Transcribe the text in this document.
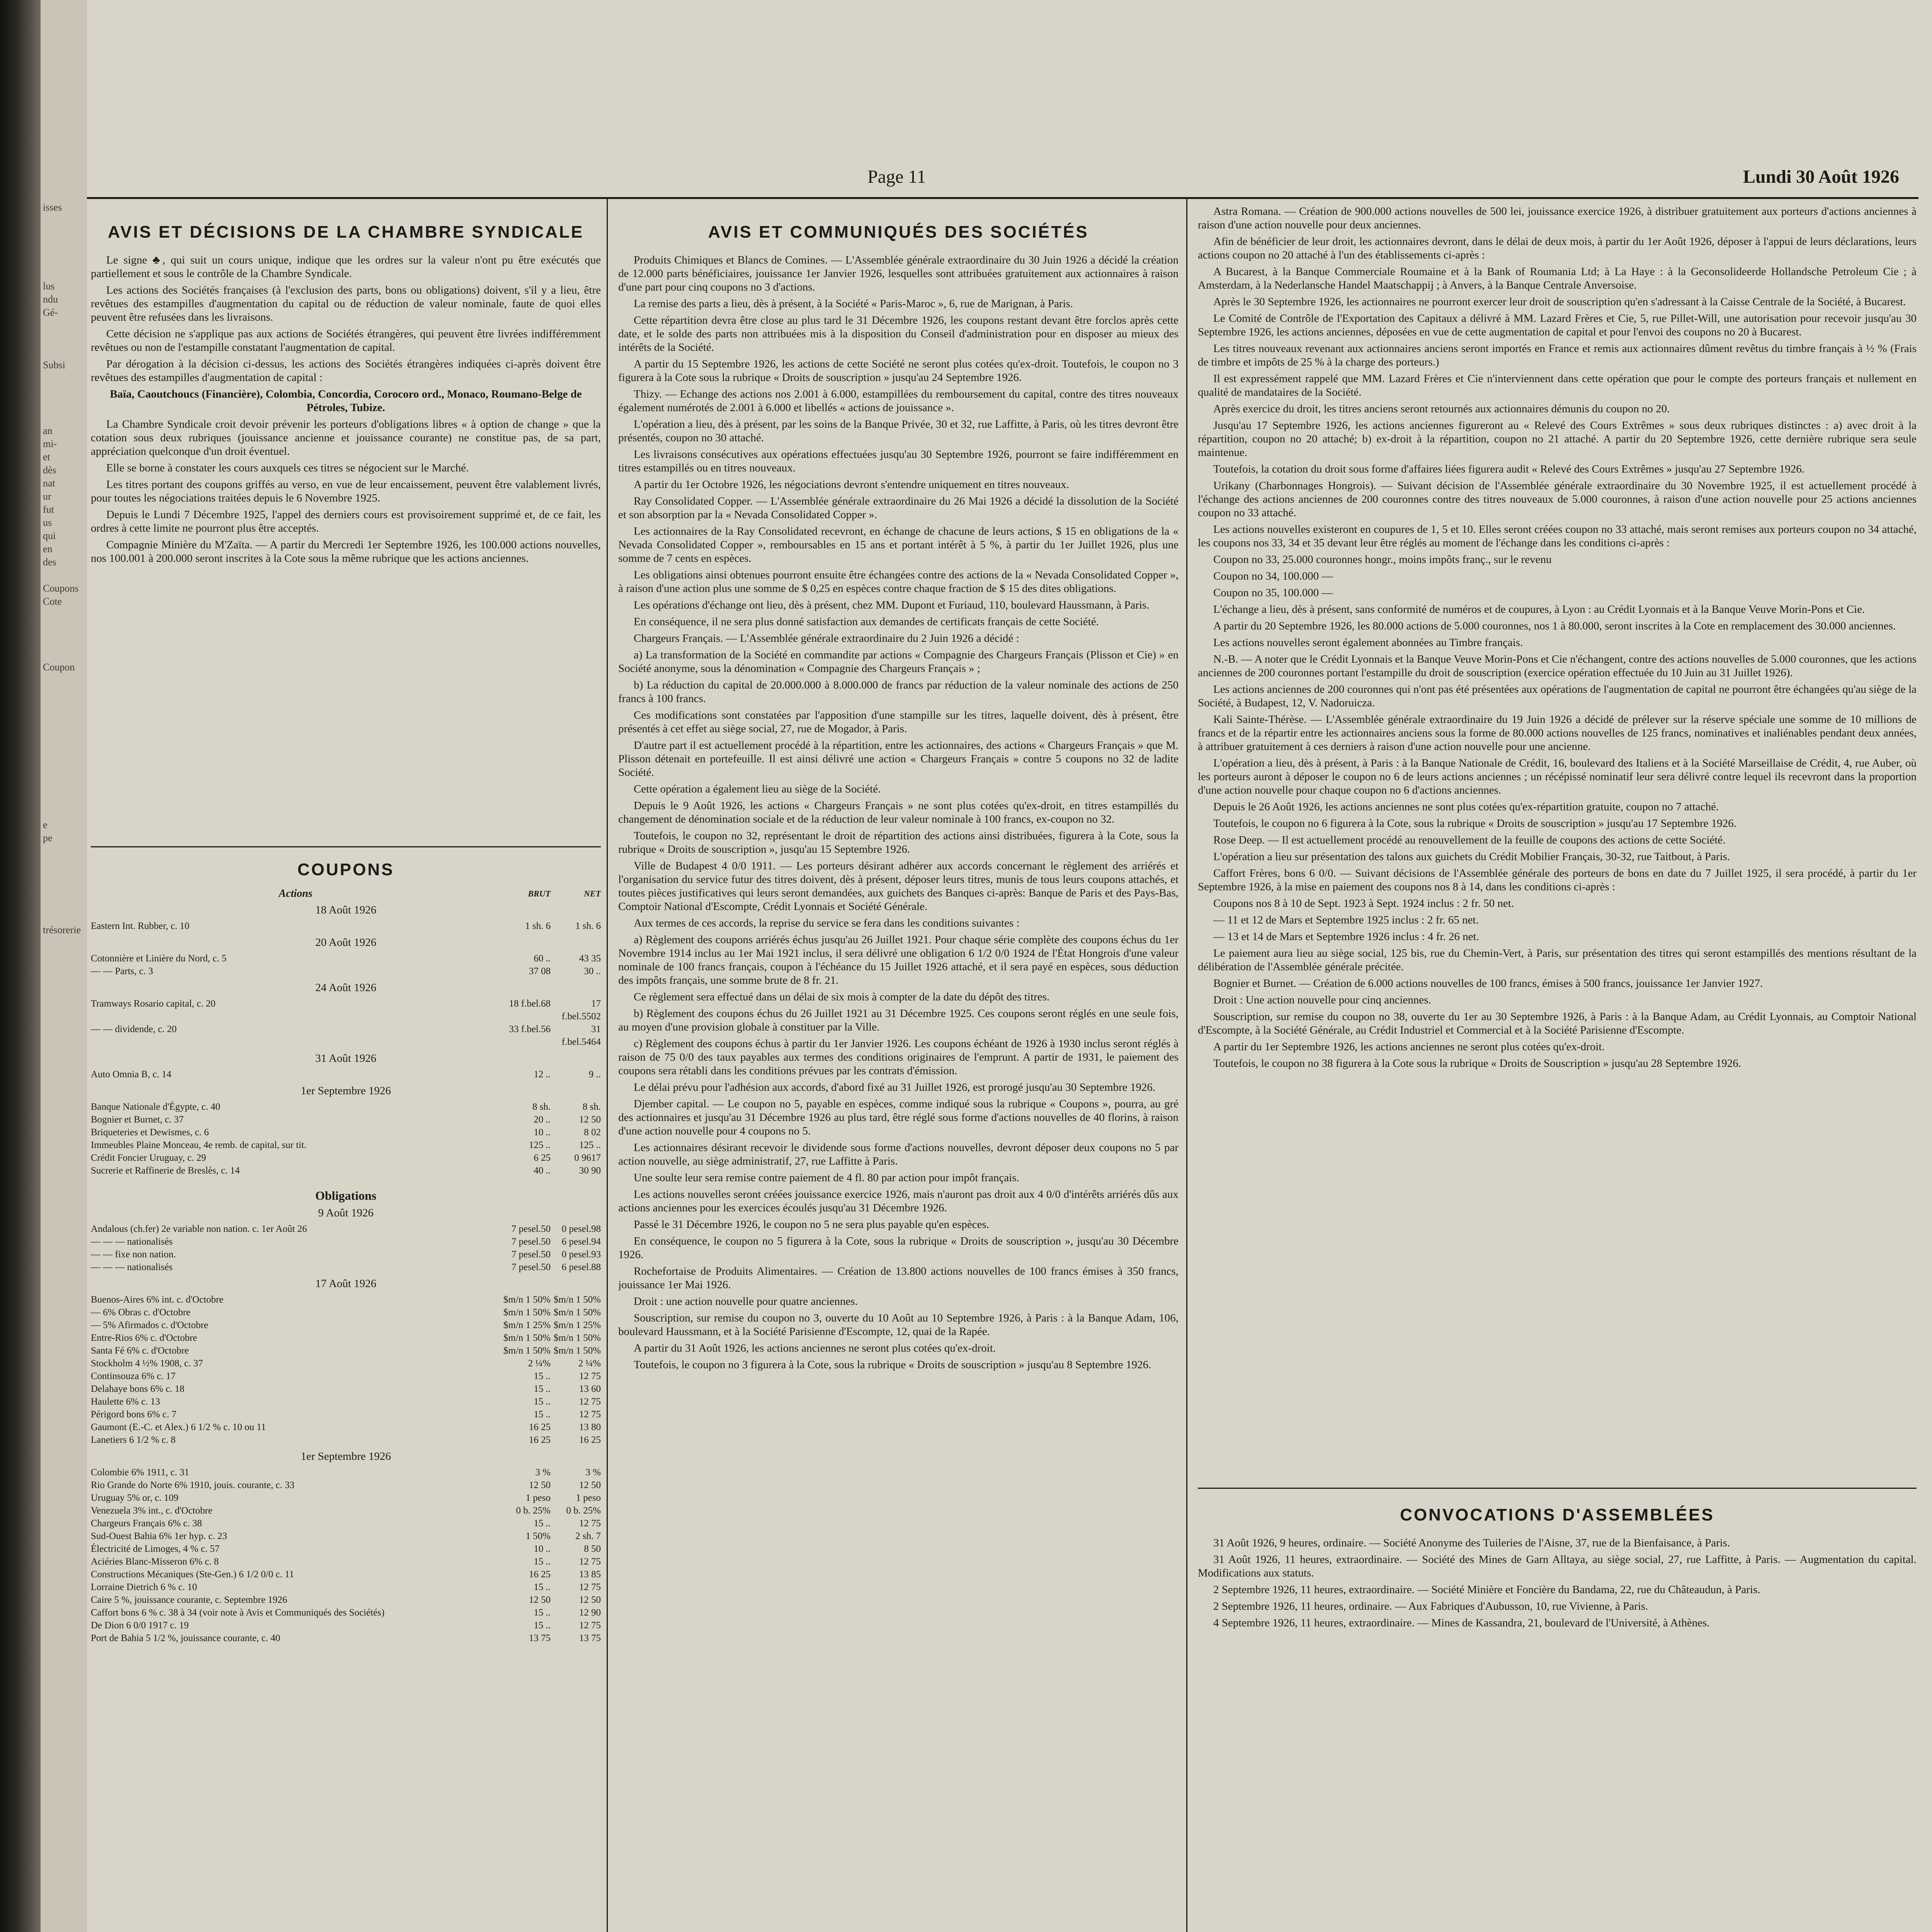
isses

lus
ndu
Gé-

Subsi

an
mi-
et
dès
nat
ur
fut
us
qui
en
des

Coupons
Cote

Coupon

e
pe

trésorerie

Page 11	Lundi 30 Août 1926
AVIS ET DÉCISIONS DE LA CHAMBRE SYNDICALE
Le signe ♣, qui suit un cours unique, indique que les ordres sur la valeur n'ont pu être exécutés que partiellement et sous le contrôle de la Chambre Syndicale.
Les actions des Sociétés françaises (à l'exclusion des parts, bons ou obligations) doivent, s'il y a lieu, être revêtues des estampilles d'augmentation du capital ou de réduction de valeur nominale, faute de quoi elles peuvent être refusées dans les livraisons.
Cette décision ne s'applique pas aux actions de Sociétés étrangères, qui peuvent être livrées indifféremment revêtues ou non de l'estampille constatant l'augmentation de capital.
Par dérogation à la décision ci-dessus, les actions des Sociétés étrangères indiquées ci-après doivent être revêtues des estampilles d'augmentation de capital :
Baïa, Caoutchoucs (Financière), Colombia, Concordia, Corocoro ord., Monaco, Roumano-Belge de Pétroles, Tubize.
La Chambre Syndicale croit devoir prévenir les porteurs d'obligations libres « à option de change » que la cotation sous deux rubriques (jouissance ancienne et jouissance courante) ne constitue pas, de sa part, appréciation quelconque d'un droit éventuel.
Elle se borne à constater les cours auxquels ces titres se négocient sur le Marché.
Les titres portant des coupons griffés au verso, en vue de leur encaissement, peuvent être valablement livrés, pour toutes les négociations traitées depuis le 6 Novembre 1925.
Depuis le Lundi 7 Décembre 1925, l'appel des derniers cours est provisoirement supprimé et, de ce fait, les ordres à cette limite ne pourront plus être acceptés.
Compagnie Minière du M'Zaïta. — A partir du Mercredi 1er Septembre 1926, les 100.000 actions nouvelles, nos 100.001 à 200.000 seront inscrites à la Cote sous la même rubrique que les actions anciennes.
COUPONS
Actions	BRUT	NET
18 Août 1926
Eastern Int. Rubber, c. 10	1 sh. 6	1 sh. 6
20 Août 1926
Cotonnière et Linière du Nord, c. 5	60 ..	43 35
— — Parts, c. 3	37 08	30 ..
24 Août 1926
Tramways Rosario capital, c. 20	18 f.bel.68	17 f.bel.5502
— — dividende, c. 20	33 f.bel.56	31 f.bel.5464
31 Août 1926
Auto Omnia B, c. 14	12 ..	9 ..
1er Septembre 1926
Banque Nationale d'Égypte, c. 40	8 sh.	8 sh.
Bognier et Burnet, c. 37	20 ..	12 50
Briqueteries et Dewismes, c. 6	10 ..	8 02
Immeubles Plaine Monceau, 4e remb. de capital, sur tit.	125 ..	125 ..
Crédit Foncier Uruguay, c. 29	6 25	0 9617
Sucrerie et Raffinerie de Breslès, c. 14	40 ..	30 90
Obligations
9 Août 1926
Andalous (ch.fer) 2e variable non nation. c. 1er Août 26	7 pesel.50	0 pesel.98
— — — nationalisés	7 pesel.50	6 pesel.94
— — fixe non nation.	7 pesel.50	0 pesel.93
— — — nationalisés	7 pesel.50	6 pesel.88
17 Août 1926
Buenos-Aires 6% int. c. d'Octobre	$m/n 1 50% $m/n 1 50%
— 6% Obras c. d'Octobre	$m/n 1 50% $m/n 1 50%
— 5% Afirmados c. d'Octobre	$m/n 1 25% $m/n 1 25%
Entre-Rios 6% c. d'Octobre	$m/n 1 50% $m/n 1 50%
Santa Fé 6% c. d'Octobre	$m/n 1 50% $m/n 1 50%
Stockholm 4 ½% 1908, c. 37	2 ¼%	2 ¼%
Continsouza 6% c. 17	15 ..	12 75
Delahaye bons 6% c. 18	15 ..	13 60
Haulette 6% c. 13	15 ..	12 75
Périgord bons 6% c. 7	15 ..	12 75
Gaumont (E.-C. et Alex.) 6 1/2 % c. 10 ou 11	16 25	13 80
Lanetiers 6 1/2 % c. 8	16 25	16 25
1er Septembre 1926
Colombie 6% 1911, c. 31	3 %	3 %
Rio Grande do Norte 6% 1910, jouis. courante, c. 33	12 50	12 50
Uruguay 5% or, c. 109	1 peso	1 peso
Venezuela 3% int., c. d'Octobre	0 b. 25%	0 b. 25%
Chargeurs Français 6% c. 38	15 ..	12 75
Sud-Ouest Bahia 6% 1er hyp. c. 23	1 50%	2 sh. 7
Électricité de Limoges, 4 % c. 57	10 ..	8 50
Aciéries Blanc-Misseron 6% c. 8	15 ..	12 75
Constructions Mécaniques (Ste-Gen.) 6 1/2 0/0 c. 11	16 25	13 85
Lorraine Dietrich 6 % c. 10	15 ..	12 75
Caire 5 %, jouissance courante, c. Septembre 1926	12 50	12 50
Caffort bons 6 % c. 38 à 34 (voir note à Avis et Communiqués des Sociétés)	15 ..	12 90
De Dion 6 0/0 1917 c. 19	15 ..	12 75
Port de Bahia 5 1/2 %, jouissance courante, c. 40	13 75	13 75
AVIS ET COMMUNIQUÉS DES SOCIÉTÉS
Produits Chimiques et Blancs de Comines. — L'Assemblée générale extraordinaire du 30 Juin 1926 a décidé la création de 12.000 parts bénéficiaires, jouissance 1er Janvier 1926, lesquelles sont attribuées gratuitement aux actionnaires à raison d'une part pour cinq coupons no 3 d'actions.
La remise des parts a lieu, dès à présent, à la Société « Paris-Maroc », 6, rue de Marignan, à Paris.
Cette répartition devra être close au plus tard le 31 Décembre 1926, les coupons restant devant être forclos après cette date, et le solde des parts non attribuées mis à la disposition du Conseil d'administration pour en disposer au mieux des intérêts de la Société.
A partir du 15 Septembre 1926, les actions de cette Société ne seront plus cotées qu'ex-droit. Toutefois, le coupon no 3 figurera à la Cote sous la rubrique « Droits de souscription » jusqu'au 24 Septembre 1926.
Thizy. — Echange des actions nos 2.001 à 6.000, estampillées du remboursement du capital, contre des titres nouveaux également numérotés de 2.001 à 6.000 et libellés « actions de jouissance ».
L'opération a lieu, dès à présent, par les soins de la Banque Privée, 30 et 32, rue Laffitte, à Paris, où les titres devront être présentés, coupon no 30 attaché.
Les livraisons consécutives aux opérations effectuées jusqu'au 30 Septembre 1926, pourront se faire indifféremment en titres estampillés ou en titres nouveaux.
A partir du 1er Octobre 1926, les négociations devront s'entendre uniquement en titres nouveaux.
Ray Consolidated Copper. — L'Assemblée générale extraordinaire du 26 Mai 1926 a décidé la dissolution de la Société et son absorption par la « Nevada Consolidated Copper ».
Les actionnaires de la Ray Consolidated recevront, en échange de chacune de leurs actions, $ 15 en obligations de la « Nevada Consolidated Copper », remboursables en 15 ans et portant intérêt à 5 %, à partir du 1er Juillet 1926, plus une somme de 7 cents en espèces.
Les obligations ainsi obtenues pourront ensuite être échangées contre des actions de la « Nevada Consolidated Copper », à raison d'une action plus une somme de $ 0,25 en espèces contre chaque fraction de $ 15 des dites obligations.
Les opérations d'échange ont lieu, dès à présent, chez MM. Dupont et Furiaud, 110, boulevard Haussmann, à Paris.
En conséquence, il ne sera plus donné satisfaction aux demandes de certificats français de cette Société.
Chargeurs Français. — L'Assemblée générale extraordinaire du 2 Juin 1926 a décidé :
a) La transformation de la Société en commandite par actions « Compagnie des Chargeurs Français (Plisson et Cie) » en Société anonyme, sous la dénomination « Compagnie des Chargeurs Français » ;
b) La réduction du capital de 20.000.000 à 8.000.000 de francs par réduction de la valeur nominale des actions de 250 francs à 100 francs.
Ces modifications sont constatées par l'apposition d'une stampille sur les titres, laquelle doivent, dès à présent, être présentés à cet effet au siège social, 27, rue de Mogador, à Paris.
D'autre part il est actuellement procédé à la répartition, entre les actionnaires, des actions « Chargeurs Français » que M. Plisson détenait en portefeuille. Il est ainsi délivré une action « Chargeurs Français » contre 5 coupons no 32 de ladite Société.
Cette opération a également lieu au siège de la Société.
Depuis le 9 Août 1926, les actions « Chargeurs Français » ne sont plus cotées qu'ex-droit, en titres estampillés du changement de dénomination sociale et de la réduction de leur valeur nominale à 100 francs, ex-coupon no 32.
Toutefois, le coupon no 32, représentant le droit de répartition des actions ainsi distribuées, figurera à la Cote, sous la rubrique « Droits de souscription », jusqu'au 15 Septembre 1926.
Ville de Budapest 4 0/0 1911. — Les porteurs désirant adhérer aux accords concernant le règlement des arriérés et l'organisation du service futur des titres doivent, dès à présent, déposer leurs titres, munis de tous leurs coupons attachés, et toutes pièces justificatives qui leurs seront demandées, aux guichets des Banques ci-après: Banque de Paris et des Pays-Bas, Comptoir National d'Escompte, Crédit Lyonnais et Société Générale.
Aux termes de ces accords, la reprise du service se fera dans les conditions suivantes :
a) Règlement des coupons arriérés échus jusqu'au 26 Juillet 1921. Pour chaque série complète des coupons échus du 1er Novembre 1914 inclus au 1er Mai 1921 inclus, il sera délivré une obligation 6 1/2 0/0 1924 de l'État Hongrois d'une valeur nominale de 100 francs français, coupon à l'échéance du 15 Juillet 1926 attaché, et il sera payé en espèces, sous déduction des impôts français, une somme brute de 8 fr. 21.
Ce règlement sera effectué dans un délai de six mois à compter de la date du dépôt des titres.
b) Règlement des coupons échus du 26 Juillet 1921 au 31 Décembre 1925. Ces coupons seront réglés en une seule fois, au moyen d'une provision globale à constituer par la Ville.
c) Règlement des coupons échus à partir du 1er Janvier 1926. Les coupons échéant de 1926 à 1930 inclus seront réglés à raison de 75 0/0 des taux payables aux termes des conditions originaires de l'emprunt. A partir de 1931, le paiement des coupons sera rétabli dans les conditions prévues par les contrats d'émission.
Le délai prévu pour l'adhésion aux accords, d'abord fixé au 31 Juillet 1926, est prorogé jusqu'au 30 Septembre 1926.
Djember capital. — Le coupon no 5, payable en espèces, comme indiqué sous la rubrique « Coupons », pourra, au gré des actionnaires et jusqu'au 31 Décembre 1926 au plus tard, être réglé sous forme d'actions nouvelles de 40 florins, à raison d'une action nouvelle pour 4 coupons no 5.
Les actionnaires désirant recevoir le dividende sous forme d'actions nouvelles, devront déposer deux coupons no 5 par action nouvelle, au siège administratif, 27, rue Laffitte à Paris.
Une soulte leur sera remise contre paiement de 4 fl. 80 par action pour impôt français.
Les actions nouvelles seront créées jouissance exercice 1926, mais n'auront pas droit aux 4 0/0 d'intérêts arriérés dûs aux actions anciennes pour les exercices écoulés jusqu'au 31 Décembre 1926.
Passé le 31 Décembre 1926, le coupon no 5 ne sera plus payable qu'en espèces.
En conséquence, le coupon no 5 figurera à la Cote, sous la rubrique « Droits de souscription », jusqu'au 30 Décembre 1926.
Rochefortaise de Produits Alimentaires. — Création de 13.800 actions nouvelles de 100 francs émises à 350 francs, jouissance 1er Mai 1926.
Droit : une action nouvelle pour quatre anciennes.
Souscription, sur remise du coupon no 3, ouverte du 10 Août au 10 Septembre 1926, à Paris : à la Banque Adam, 106, boulevard Haussmann, et à la Société Parisienne d'Escompte, 12, quai de la Rapée.
A partir du 31 Août 1926, les actions anciennes ne seront plus cotées qu'ex-droit.
Toutefois, le coupon no 3 figurera à la Cote, sous la rubrique « Droits de souscription » jusqu'au 8 Septembre 1926.
Astra Romana. — Création de 900.000 actions nouvelles de 500 lei, jouissance exercice 1926, à distribuer gratuitement aux porteurs d'actions anciennes à raison d'une action nouvelle pour deux anciennes.
Afin de bénéficier de leur droit, les actionnaires devront, dans le délai de deux mois, à partir du 1er Août 1926, déposer à l'appui de leurs déclarations, leurs actions coupon no 20 attaché à l'un des établissements ci-après :
A Bucarest, à la Banque Commerciale Roumaine et à la Bank of Roumania Ltd; à La Haye : à la Geconsolideerde Hollandsche Petroleum Cie ; à Amsterdam, à la Nederlansche Handel Maatschappij ; à Anvers, à la Banque Centrale Anversoise.
Après le 30 Septembre 1926, les actionnaires ne pourront exercer leur droit de souscription qu'en s'adressant à la Caisse Centrale de la Société, à Bucarest.
Le Comité de Contrôle de l'Exportation des Capitaux a délivré à MM. Lazard Frères et Cie, 5, rue Pillet-Will, une autorisation pour recevoir jusqu'au 30 Septembre 1926, les actions anciennes, déposées en vue de cette augmentation de capital et pour l'envoi des coupons no 20 à Bucarest.
Les titres nouveaux revenant aux actionnaires anciens seront importés en France et remis aux actionnaires dûment revêtus du timbre français à ½ % (Frais de timbre et impôts de 25 % à la charge des porteurs.)
Il est expressément rappelé que MM. Lazard Frères et Cie n'interviennent dans cette opération que pour le compte des porteurs français et nullement en qualité de mandataires de la Société.
Après exercice du droit, les titres anciens seront retournés aux actionnaires démunis du coupon no 20.
Jusqu'au 17 Septembre 1926, les actions anciennes figureront au « Relevé des Cours Extrêmes » sous deux rubriques distinctes : a) avec droit à la répartition, coupon no 20 attaché; b) ex-droit à la répartition, coupon no 21 attaché. A partir du 20 Septembre 1926, cette dernière rubrique sera seule maintenue.
Toutefois, la cotation du droit sous forme d'affaires liées figurera audit « Relevé des Cours Extrêmes » jusqu'au 27 Septembre 1926.
Urikany (Charbonnages Hongrois). — Suivant décision de l'Assemblée générale extraordinaire du 30 Novembre 1925, il est actuellement procédé à l'échange des actions anciennes de 200 couronnes contre des titres nouveaux de 5.000 couronnes, à raison d'une action nouvelle pour 25 actions anciennes coupon no 33 attaché.
Les actions nouvelles existeront en coupures de 1, 5 et 10. Elles seront créées coupon no 33 attaché, mais seront remises aux porteurs coupon no 34 attaché, les coupons nos 33, 34 et 35 devant leur être réglés au moment de l'échange dans les conditions ci-après :
Coupon no 33, 25.000 couronnes hongr., moins impôts franç., sur le revenu
Coupon no 34, 100.000 —
Coupon no 35, 100.000 —
L'échange a lieu, dès à présent, sans conformité de numéros et de coupures, à Lyon : au Crédit Lyonnais et à la Banque Veuve Morin-Pons et Cie.
A partir du 20 Septembre 1926, les 80.000 actions de 5.000 couronnes, nos 1 à 80.000, seront inscrites à la Cote en remplacement des 30.000 anciennes.
Les actions nouvelles seront également abonnées au Timbre français.
N.-B. — A noter que le Crédit Lyonnais et la Banque Veuve Morin-Pons et Cie n'échangent, contre des actions nouvelles de 5.000 couronnes, que les actions anciennes de 200 couronnes portant l'estampille du droit de souscription (exercice opération effectuée du 10 Juin au 31 Juillet 1926).
Les actions anciennes de 200 couronnes qui n'ont pas été présentées aux opérations de l'augmentation de capital ne pourront être échangées qu'au siège de la Société, à Budapest, 12, V. Nadoruicza.
Kali Sainte-Thérèse. — L'Assemblée générale extraordinaire du 19 Juin 1926 a décidé de prélever sur la réserve spéciale une somme de 10 millions de francs et de la répartir entre les actionnaires anciens sous la forme de 80.000 actions nouvelles de 125 francs, nominatives et inaliénables pendant deux années, à attribuer gratuitement à ces derniers à raison d'une action nouvelle pour une ancienne.
L'opération a lieu, dès à présent, à Paris : à la Banque Nationale de Crédit, 16, boulevard des Italiens et à la Société Marseillaise de Crédit, 4, rue Auber, où les porteurs auront à déposer le coupon no 6 de leurs actions anciennes ; un récépissé nominatif leur sera délivré contre lequel ils recevront dans la proportion d'une action nouvelle pour chaque coupon no 6 d'actions anciennes.
Depuis le 26 Août 1926, les actions anciennes ne sont plus cotées qu'ex-répartition gratuite, coupon no 7 attaché.
Toutefois, le coupon no 6 figurera à la Cote, sous la rubrique « Droits de souscription » jusqu'au 17 Septembre 1926.
Rose Deep. — Il est actuellement procédé au renouvellement de la feuille de coupons des actions de cette Société.
L'opération a lieu sur présentation des talons aux guichets du Crédit Mobilier Français, 30-32, rue Taitbout, à Paris.
Caffort Frères, bons 6 0/0. — Suivant décisions de l'Assemblée générale des porteurs de bons en date du 7 Juillet 1925, il sera procédé, à partir du 1er Septembre 1926, à la mise en paiement des coupons nos 8 à 14, dans les conditions ci-après :
Coupons nos 8 à 10 de Sept. 1923 à Sept. 1924 inclus : 2 fr. 50 net.
— 11 et 12 de Mars et Septembre 1925 inclus : 2 fr. 65 net.
— 13 et 14 de Mars et Septembre 1926 inclus : 4 fr. 26 net.
Le paiement aura lieu au siège social, 125 bis, rue du Chemin-Vert, à Paris, sur présentation des titres qui seront estampillés des mentions résultant de la délibération de l'Assemblée générale précitée.
Bognier et Burnet. — Création de 6.000 actions nouvelles de 100 francs, émises à 500 francs, jouissance 1er Janvier 1927.
Droit : Une action nouvelle pour cinq anciennes.
Souscription, sur remise du coupon no 38, ouverte du 1er au 30 Septembre 1926, à Paris : à la Banque Adam, au Crédit Lyonnais, au Comptoir National d'Escompte, à la Société Générale, au Crédit Industriel et Commercial et à la Société Parisienne d'Escompte.
A partir du 1er Septembre 1926, les actions anciennes ne seront plus cotées qu'ex-droit.
Toutefois, le coupon no 38 figurera à la Cote sous la rubrique « Droits de Souscription » jusqu'au 28 Septembre 1926.
CONVOCATIONS D'ASSEMBLÉES
31 Août 1926, 9 heures, ordinaire. — Société Anonyme des Tuileries de l'Aisne, 37, rue de la Bienfaisance, à Paris.
31 Août 1926, 11 heures, extraordinaire. — Société des Mines de Garn Alltaya, au siège social, 27, rue Laffitte, à Paris. — Augmentation du capital. Modifications aux statuts.
2 Septembre 1926, 11 heures, extraordinaire. — Société Minière et Foncière du Bandama, 22, rue du Châteaudun, à Paris.
2 Septembre 1926, 11 heures, ordinaire. — Aux Fabriques d'Aubusson, 10, rue Vivienne, à Paris.
4 Septembre 1926, 11 heures, extraordinaire. — Mines de Kassandra, 21, boulevard de l'Université, à Athènes.
